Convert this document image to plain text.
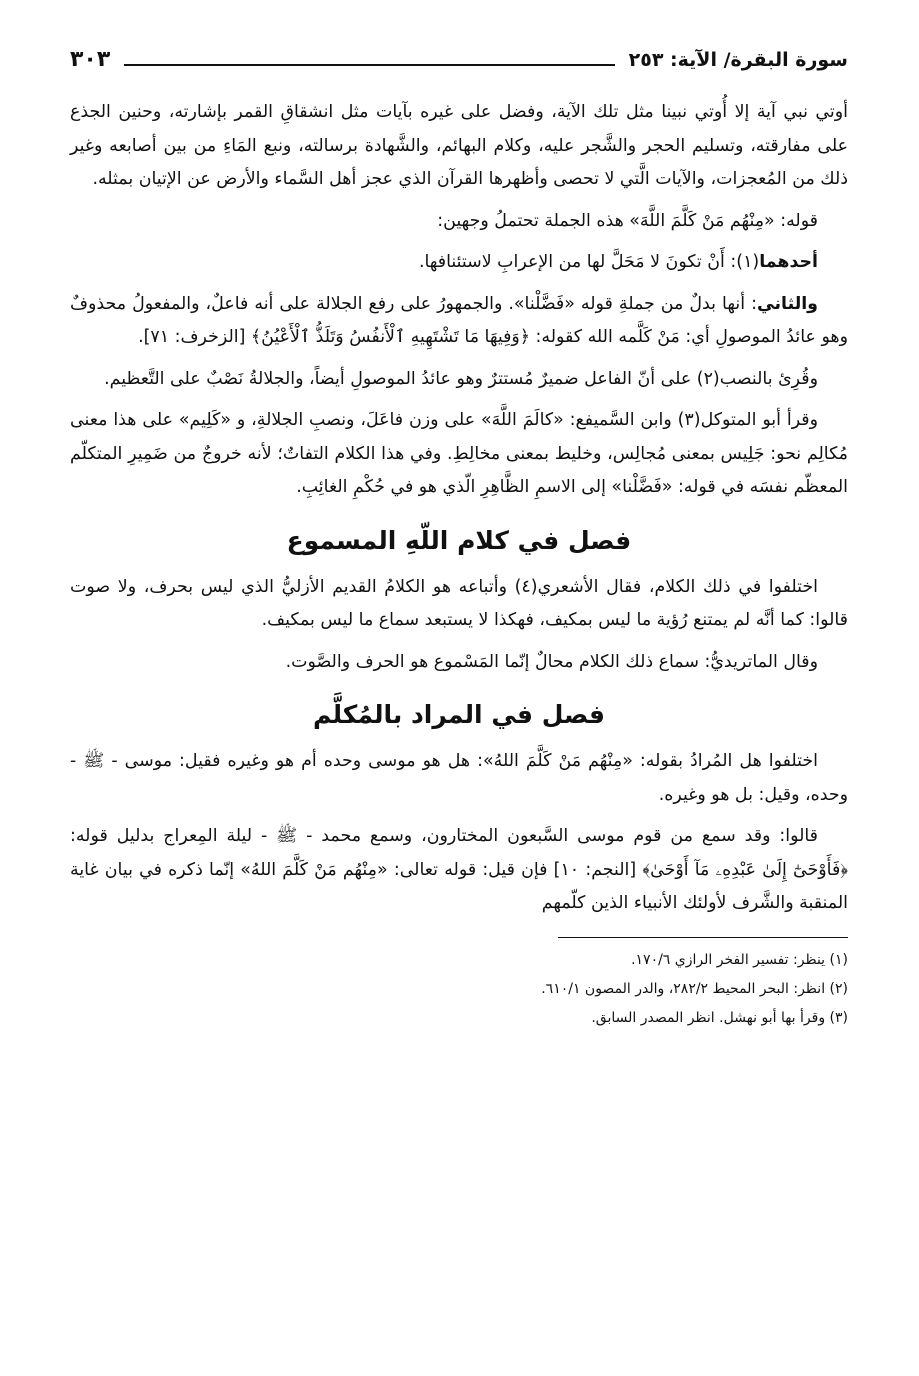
سورة البقرة/ الآية: ٢٥٣
٣٠٣

أوتي نبي آية إلا أُوتي نبينا مثل تلك الآية، وفضل على غيره بآيات مثل انشقاقِ القمر بإشارته، وحنين الجذع على مفارقته، وتسليم الحجر والشَّجر عليه، وكلام البهائم، والشَّهادة برسالته، ونبع المَاءِ من بين أصابعه وغير ذلك من المُعجزات، والآيات الَّتي لا تحصى وأظهرها القرآن الذي عجز أهل السَّماء والأرض عن الإتيان بمثله.

قوله: «مِنْهُم مَنْ كَلَّمَ اللَّهَ» هذه الجملة تحتملُ وجهين:

أحدهما(١): أَنْ تكونَ لا مَحَلَّ لها من الإعرابِ لاستئنافها.

والثاني: أنها بدلٌ من جملةِ قوله «فَضَّلْنا». والجمهورُ على رفع الجلالة على أنه فاعلٌ، والمفعولُ محذوفٌ وهو عائدُ الموصولِ أي: مَنْ كَلَّمه الله كقوله: ﴿وَفِيهَا مَا تَشْتَهِيهِ ٱلْأَنفُسُ وَتَلَذُّ ٱلْأَعْيُنُ﴾ [الزخرف: ٧١].

وقُرِئ بالنصب(٢) على أنّ الفاعل ضميرٌ مُستترٌ وهو عائدُ الموصولِ أيضاً، والجلالةُ نَصْبٌ على التَّعظيم.

وقرأ أبو المتوكل(٣) وابن السَّميفع: «كالَمَ اللَّهَ» على وزن فاعَلَ، ونصبِ الجلالةِ، و «كَلِيم» على هذا معنى مُكالِم نحو: جَلِيس بمعنى مُجالِس، وخليط بمعنى مخالِطِ. وفي هذا الكلام التفاتٌ؛ لأنه خروجٌ من ضَمِيرِ المتكلّم المعظّم نفسَه في قوله: «فَضَّلْنا» إلى الاسمِ الظَّاهِرِ الّذي هو في حُكْمِ الغائِبِ.

فصل في كلام اللّهِ المسموع

اختلفوا في ذلك الكلام، فقال الأشعري(٤) وأتباعه هو الكلامُ القديم الأزليُّ الذي ليس بحرف، ولا صوت قالوا: كما أنَّه لم يمتنع رُؤية ما ليس بمكيف، فهكذا لا يستبعد سماع ما ليس بمكيف.

وقال الماتريديُّ: سماع ذلك الكلام محالٌ إنّما المَسْموع هو الحرف والصَّوت.

فصل في المراد بالمُكلَّم

اختلفوا هل المُرادُ بقوله: «مِنْهُم مَنْ كَلَّمَ اللهُ»: هل هو موسى وحده أم هو وغيره فقيل: موسى - ﷺ - وحده، وقيل: بل هو وغيره.

قالوا: وقد سمع من قوم موسى السَّبعون المختارون، وسمع محمد - ﷺ - ليلة المِعراج بدليل قوله: ﴿فَأَوْحَىٰٓ إِلَىٰ عَبْدِهِۦ مَآ أَوْحَىٰ﴾ [النجم: ١٠] فإن قيل: قوله تعالى: «مِنْهُم مَنْ كَلَّمَ اللهُ» إنّما ذكره في بيان غاية المنقبة والشَّرف لأولئك الأنبياء الذين كلّمهم

(١) ينظر: تفسير الفخر الرازي ١٧٠/٦.

(٢) انظر: البحر المحيط ٢٨٢/٢، والدر المصون ٦١٠/١.

(٣) وقرأ بها أبو نهشل. انظر المصدر السابق.
